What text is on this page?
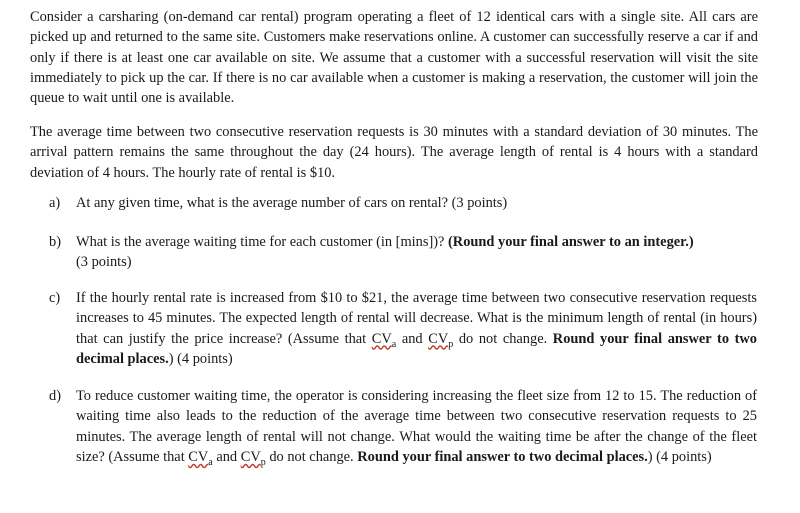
Consider a carsharing (on-demand car rental) program operating a fleet of 12 identical cars with a single site. All cars are picked up and returned to the same site. Customers make reservations online. A customer can successfully reserve a car if and only if there is at least one car available on site. We assume that a customer with a successful reservation will visit the site immediately to pick up the car. If there is no car available when a customer is making a reservation, the customer will join the queue to wait until one is available.

The average time between two consecutive reservation requests is 30 minutes with a standard deviation of 30 minutes. The arrival pattern remains the same throughout the day (24 hours). The average length of rental is 4 hours with a standard deviation of 4 hours. The hourly rate of rental is $10.

a)	At any given time, what is the average number of cars on rental? (3 points)
b)	What is the average waiting time for each customer (in [mins])? (Round your final answer to an integer.)
(3 points)
c)	If the hourly rental rate is increased from $10 to $21, the average time between two consecutive reservation requests increases to 45 minutes. The expected length of rental will decrease. What is the minimum length of rental (in hours) that can justify the price increase? (Assume that $CV_a$ and $CV_p$ do not change. Round your final answer to two decimal places.) (4 points)
d)	To reduce customer waiting time, the operator is considering increasing the fleet size from 12 to 15. The reduction of waiting time also leads to the reduction of the average time between two consecutive reservation requests to 25 minutes. The average length of rental will not change. What would the waiting time be after the change of the fleet size? (Assume that $CV_a$ and $CV_p$ do not change. Round your final answer to two decimal places.) (4 points)
